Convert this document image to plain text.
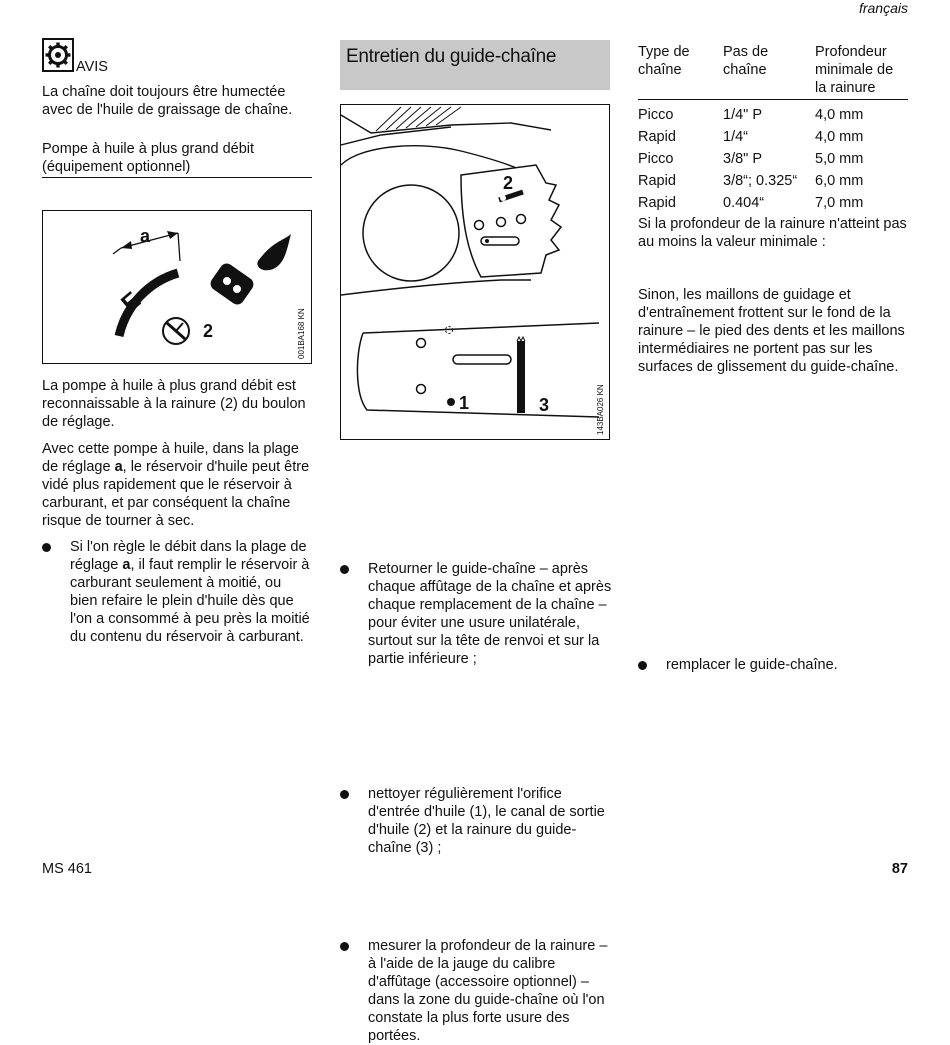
français
AVIS

La chaîne doit toujours être humectée avec de l'huile de graissage de chaîne.

Pompe à huile à plus grand débit
(équipement optionnel)
a
E
2	001BA168 KN

La pompe à huile à plus grand débit est reconnaissable à la rainure (2) du boulon de réglage.

Avec cette pompe à huile, dans la plage de réglage a, le réservoir d'huile peut être vidé plus rapidement que le réservoir à carburant, et par conséquent la chaîne risque de tourner à sec.

Si l'on règle le débit dans la plage de réglage a, il faut remplir le réservoir à carburant seulement à moitié, ou bien refaire le plein d'huile dès que l'on a consommé à peu près la moitié du contenu du réservoir à carburant.
Entretien du guide-chaîne
2
1	3	143BA026 KN
Retourner le guide-chaîne – après chaque affûtage de la chaîne et après chaque remplacement de la chaîne – pour éviter une usure unilatérale, surtout sur la tête de renvoi et sur la partie inférieure ;
nettoyer régulièrement l'orifice d'entrée d'huile (1), le canal de sortie d'huile (2) et la rainure du guide-chaîne (3) ;
mesurer la profondeur de la rainure – à l'aide de la jauge du calibre d'affûtage (accessoire optionnel) – dans la zone du guide-chaîne où l'on constate la plus forte usure des portées.
Type de chaîne	Pas de chaîne	Profondeur minimale de la rainure
Picco	1/4" P	4,0 mm
Rapid	1/4“	4,0 mm
Picco	3/8" P	5,0 mm
Rapid	3/8“; 0.325“	6,0 mm
Rapid	0.404“	7,0 mm

Si la profondeur de la rainure n'atteint pas au moins la valeur minimale :

remplacer le guide-chaîne.

Sinon, les maillons de guidage et d'entraînement frottent sur le fond de la rainure – le pied des dents et les maillons intermédiaires ne portent pas sur les surfaces de glissement du guide-chaîne.

MS 461	87
